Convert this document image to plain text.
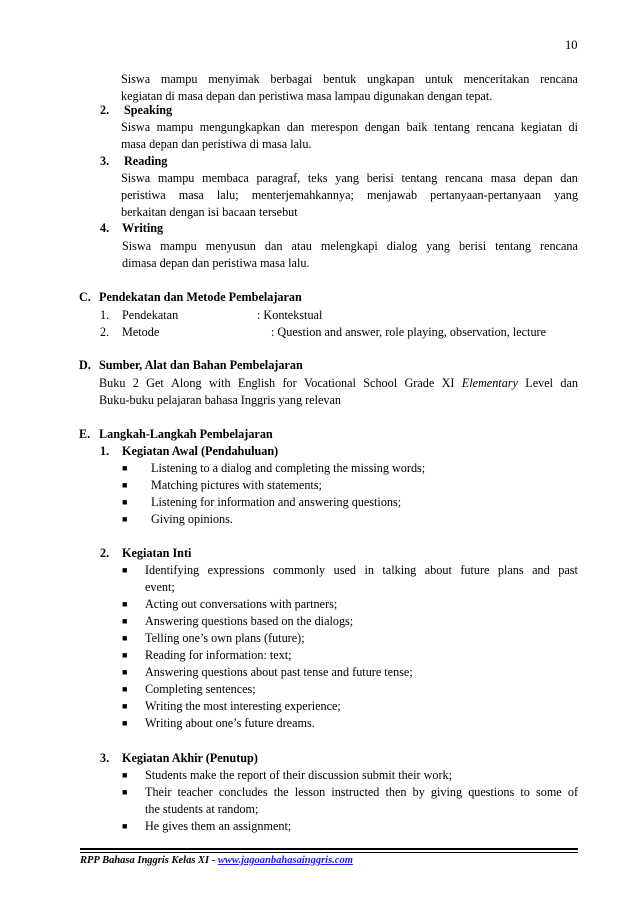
10
Siswa mampu menyimak berbagai bentuk ungkapan untuk menceritakan rencana
kegiatan di masa depan dan peristiwa masa lampau digunakan dengan tepat.
2. Speaking
Siswa mampu mengungkapkan dan merespon dengan baik tentang rencana kegiatan di
masa depan dan peristiwa di masa lalu.
3. Reading
Siswa mampu membaca paragraf, teks yang berisi tentang rencana masa depan dan
peristiwa masa lalu; menterjemahkannya; menjawab pertanyaan-pertanyaan yang
berkaitan dengan isi bacaan tersebut
4. Writing
Siswa mampu menyusun dan atau melengkapi dialog yang berisi tentang rencana
dimasa depan dan peristiwa masa lalu.
C. Pendekatan dan Metode Pembelajaran
1. Pendekatan	: Kontekstual
2. Metode	: Question and answer, role playing, observation, lecture
D. Sumber, Alat dan Bahan Pembelajaran
Buku 2 Get Along with English for Vocational School Grade XI Elementary Level dan
Buku-buku pelajaran bahasa Inggris yang relevan
E. Langkah-Langkah Pembelajaran
1. Kegiatan Awal (Pendahuluan)
■ Listening to a dialog and completing the missing words;
■ Matching pictures with statements;
■ Listening for information and answering questions;
■ Giving opinions.
2. Kegiatan Inti
■ Identifying expressions commonly used in talking about future plans and past
event;
■ Acting out conversations with partners;
■ Answering questions based on the dialogs;
■ Telling one’s own plans (future);
■ Reading for information: text;
■ Answering questions about past tense and future tense;
■ Completing sentences;
■ Writing the most interesting experience;
■ Writing about one’s future dreams.
3. Kegiatan Akhir (Penutup)
■ Students make the report of their discussion submit their work;
■ Their teacher concludes the lesson instructed then by giving questions to some of
the students at random;
■ He gives them an assignment;
RPP Bahasa Inggris Kelas XI - www.jagoanbahasainggris.com
